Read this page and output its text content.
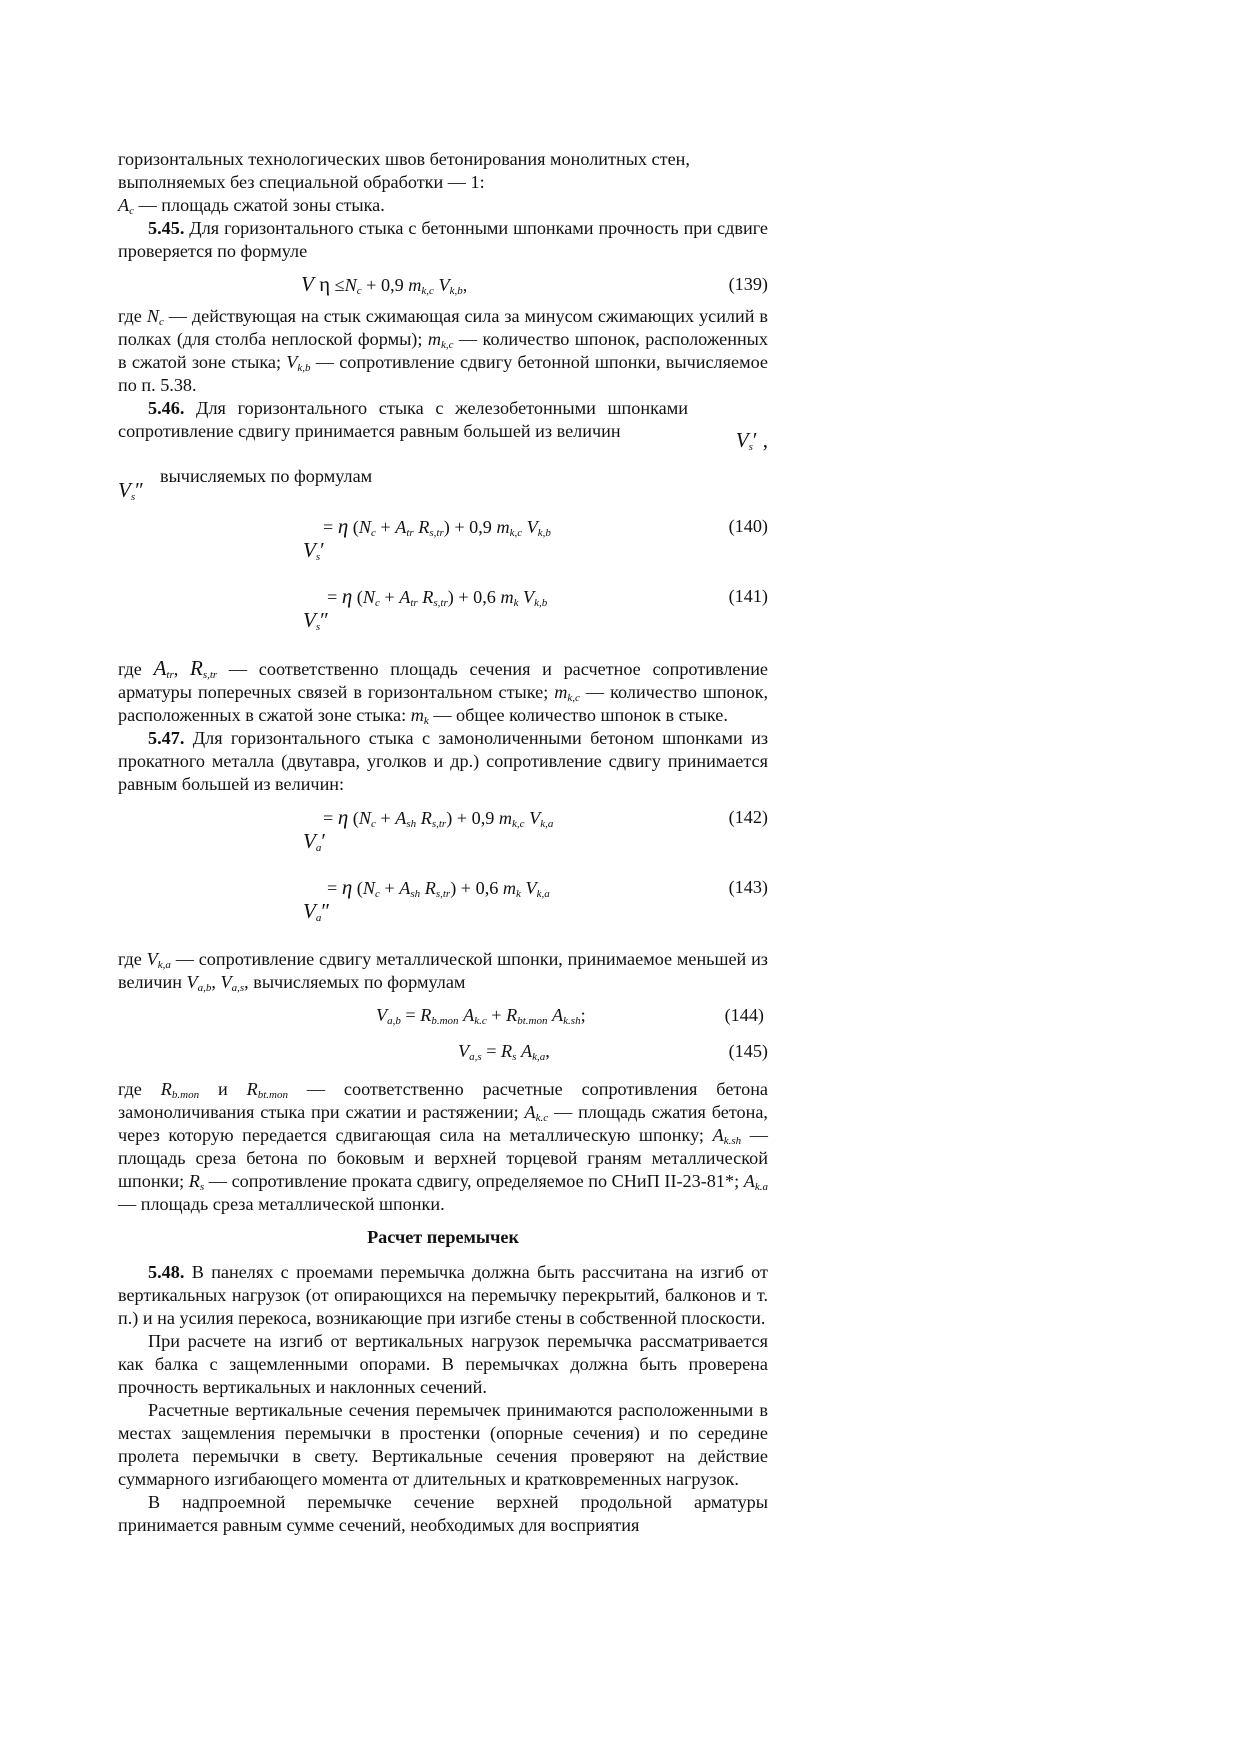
горизонтальных технологических швов бетонирования монолитных стен,
выполняемых без специальной обработки — 1:

$A_c$ — площадь сжатой зоны стыка.

5.45. Для горизонтального стыка с бетонными шпонками прочность при сдвиге проверяется по формуле

V $\eta \le N_c + 0,9$ $m_{k,c}$ $V_{k,b}$,	(139)

где $N_c$ — действующая на стык сжимающая сила за минусом сжимающих усилий в полках (для столба неплоской формы); $m_{k,c}$ — количество шпонок, расположенных в сжатой зоне стыка; $V_{k,b}$ — сопротивление сдвигу бетонной шпонки, вычисляемое по п. 5.38.

5.46. Для горизонтального стыка с железобетонными шпонками сопротивление сдвигу принимается равным большей из величин	$V_s'$ ,
вычисляемых по формулам
$V_s''$
= η ($N_c + A_{tr}$ $R_{s,tr}) + 0,9$ $m_{k,c}$ $V_{k,b}$
$V_s'$
(140)
= η ($N_c + A_{tr}$ $R_{s,tr}) + 0,6$ $m_k$ $V_{k,b}$
$V_s''$
(141)

где $A_{tr}$, $R_{s,tr}$ — соответственно площадь сечения и расчетное сопротивление арматуры поперечных связей в горизонтальном стыке; $m_{k,c}$ — количество шпонок, расположенных в сжатой зоне стыка: $m_k$ — общее количество шпонок в стыке.

5.47. Для горизонтального стыка с замоноличенными бетоном шпонками из прокатного металла (двутавра, уголков и др.) сопротивление сдвигу принимается равным большей из величин:

= η ($N_c + A_{sh}$ $R_{s,tr}) + 0,9$ $m_{k,c}$ $V_{k,a}$
$V_a'$
(142)
= η ($N_c + A_{sh}$ $R_{s,tr}) + 0,6$ $m_k$ $V_{k,a}$
$V_a''$
(143)

где $V_{k,a}$ — сопротивление сдвигу металлической шпонки, принимаемое меньшей из величин $V_{a,b}$, $V_{a,s}$, вычисляемых по формулам

$V_{a,b} = R_{b.mon}$ $A_{k.c} + R_{bt.mon}$ $A_{k.sh}$;	(144)
$V_{a,s} = R_s$ $A_{k,a}$,	(145)

где $R_{b.mon}$ и $R_{bt.mon}$ — соответственно расчетные сопротивления бетона замоноличивания стыка при сжатии и растяжении; $A_{k.c}$ — площадь сжатия бетона, через которую передается сдвигающая сила на металлическую шпонку; $A_{k.sh}$ — площадь среза бетона по боковым и верхней торцевой граням металлической шпонки; $R_s$ — сопротивление проката сдвигу, определяемое по СНиП II-23-81*; $A_{k.a}$ — площадь среза металлической шпонки.

Расчет перемычек

5.48. В панелях с проемами перемычка должна быть рассчитана на изгиб от вертикальных нагрузок (от опирающихся на перемычку перекрытий, балконов и т. п.) и на усилия перекоса, возникающие при изгибе стены в собственной плоскости.

При расчете на изгиб от вертикальных нагрузок перемычка рассматривается как балка с защемленными опорами. В перемычках должна быть проверена прочность вертикальных и наклонных сечений.

Расчетные вертикальные сечения перемычек принимаются расположенными в местах защемления перемычки в простенки (опорные сечения) и по середине пролета перемычки в свету. Вертикальные сечения проверяют на действие суммарного изгибающего момента от длительных и кратковременных нагрузок.

В надпроемной перемычке сечение верхней продольной арматуры принимается равным сумме сечений, необходимых для восприятия
